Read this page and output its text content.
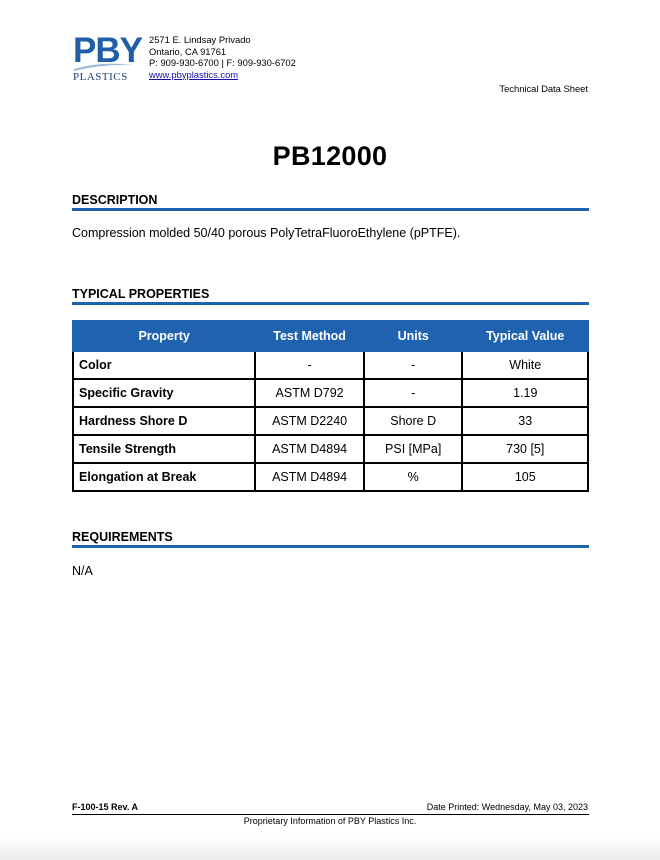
PBY
PLASTICS
2571 E. Lindsay Privado
Ontario, CA 91761
P: 909-930-6700 | F: 909-930-6702
www.pbyplastics.com
Technical Data Sheet
PB12000
DESCRIPTION
Compression molded 50/40 porous PolyTetraFluoroEthylene (pPTFE).
TYPICAL PROPERTIES
Property	Test Method	Units	Typical Value
Color	-	-	White
Specific Gravity	ASTM D792	-	1.19
Hardness Shore D	ASTM D2240	Shore D	33
Tensile Strength	ASTM D4894	PSI [MPa]	730 [5]
Elongation at Break	ASTM D4894	%	105
REQUIREMENTS
N/A
F-100-15 Rev. A	Date Printed: Wednesday, May 03, 2023
Proprietary Information of PBY Plastics Inc.
